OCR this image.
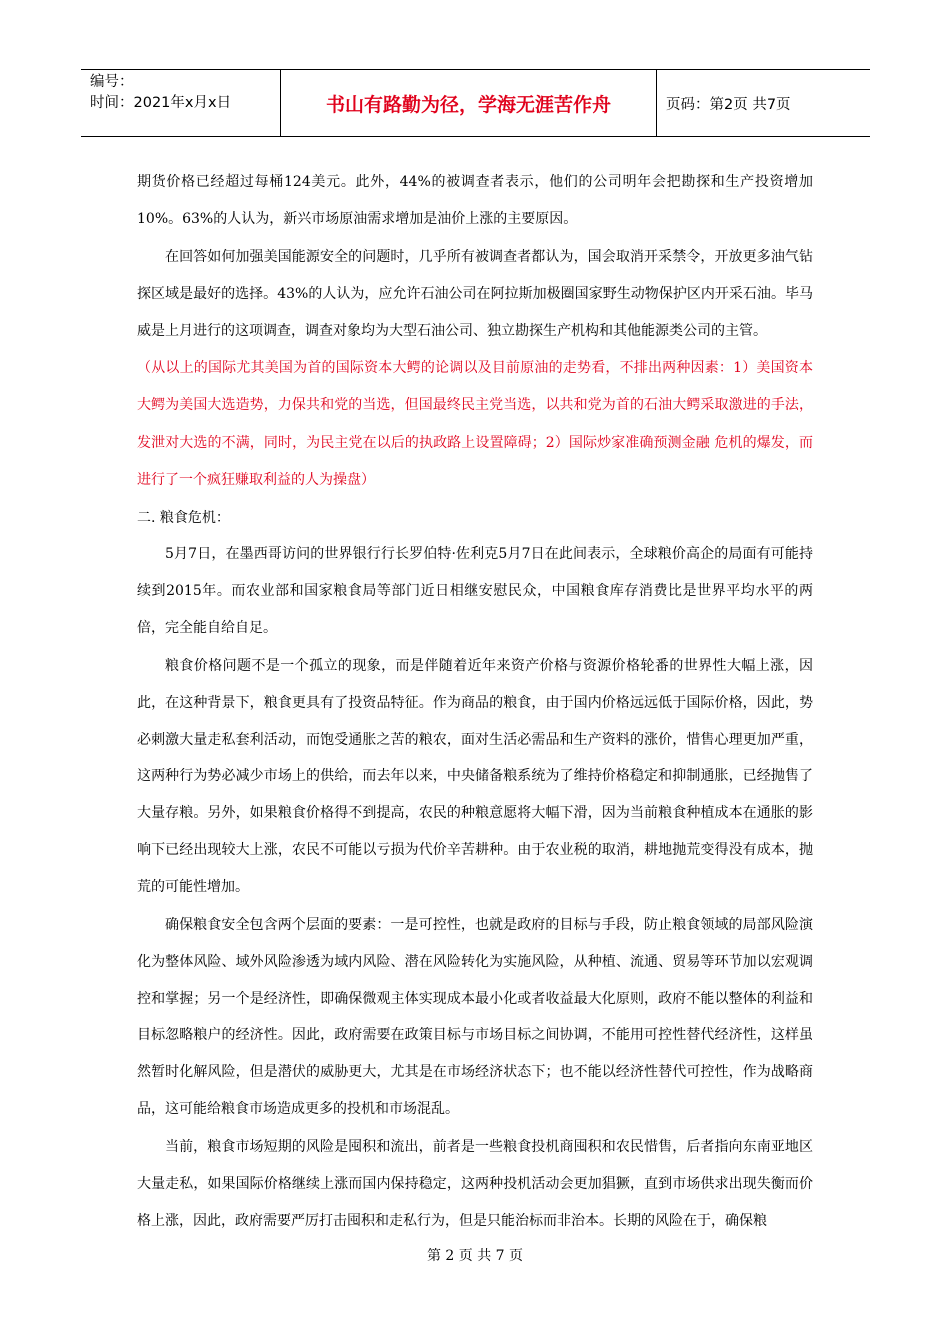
编号：
时间：2021年x月x日	书山有路勤为径，学海无涯苦作舟	页码：第2页 共7页

期货价格已经超过每桶124美元。此外，44%的被调查者表示，他们的公司明年会把勘探和生产投资增加10%。63%的人认为，新兴市场原油需求增加是油价上涨的主要原因。

在回答如何加强美国能源安全的问题时，几乎所有被调查者都认为，国会取消开采禁令，开放更多油气钻探区域是最好的选择。43%的人认为，应允许石油公司在阿拉斯加极圈国家野生动物保护区内开采石油。毕马威是上月进行的这项调查，调查对象均为大型石油公司、独立勘探生产机构和其他能源类公司的主管。

（从以上的国际尤其美国为首的国际资本大鳄的论调以及目前原油的走势看，不排出两种因素：1）美国资本大鳄为美国大选造势，力保共和党的当选，但国最终民主党当选，以共和党为首的石油大鳄采取激进的手法，发泄对大选的不满，同时，为民主党在以后的执政路上设置障碍；2）国际炒家准确预测金融 危机的爆发，而进行了一个疯狂赚取利益的人为操盘）

二. 粮食危机：

5月7日，在墨西哥访问的世界银行行长罗伯特·佐利克5月7日在此间表示，全球粮价高企的局面有可能持续到2015年。而农业部和国家粮食局等部门近日相继安慰民众，中国粮食库存消费比是世界平均水平的两倍，完全能自给自足。

粮食价格问题不是一个孤立的现象，而是伴随着近年来资产价格与资源价格轮番的世界性大幅上涨，因此，在这种背景下，粮食更具有了投资品特征。作为商品的粮食，由于国内价格远远低于国际价格，因此，势必刺激大量走私套利活动，而饱受通胀之苦的粮农，面对生活必需品和生产资料的涨价，惜售心理更加严重，这两种行为势必减少市场上的供给，而去年以来，中央储备粮系统为了维持价格稳定和抑制通胀，已经抛售了大量存粮。另外，如果粮食价格得不到提高，农民的种粮意愿将大幅下滑，因为当前粮食种植成本在通胀的影响下已经出现较大上涨，农民不可能以亏损为代价辛苦耕种。由于农业税的取消，耕地抛荒变得没有成本，抛荒的可能性增加。

确保粮食安全包含两个层面的要素：一是可控性，也就是政府的目标与手段，防止粮食领域的局部风险演化为整体风险、域外风险渗透为域内风险、潜在风险转化为实施风险，从种植、流通、贸易等环节加以宏观调控和掌握；另一个是经济性，即确保微观主体实现成本最小化或者收益最大化原则，政府不能以整体的利益和目标忽略粮户的经济性。因此，政府需要在政策目标与市场目标之间协调，不能用可控性替代经济性，这样虽然暂时化解风险，但是潜伏的威胁更大，尤其是在市场经济状态下；也不能以经济性替代可控性，作为战略商品，这可能给粮食市场造成更多的投机和市场混乱。

当前，粮食市场短期的风险是囤积和流出，前者是一些粮食投机商囤积和农民惜售，后者指向东南亚地区大量走私，如果国际价格继续上涨而国内保持稳定，这两种投机活动会更加猖獗，直到市场供求出现失衡而价格上涨，因此，政府需要严厉打击囤积和走私行为，但是只能治标而非治本。长期的风险在于，确保粮

第 2 页 共 7 页
